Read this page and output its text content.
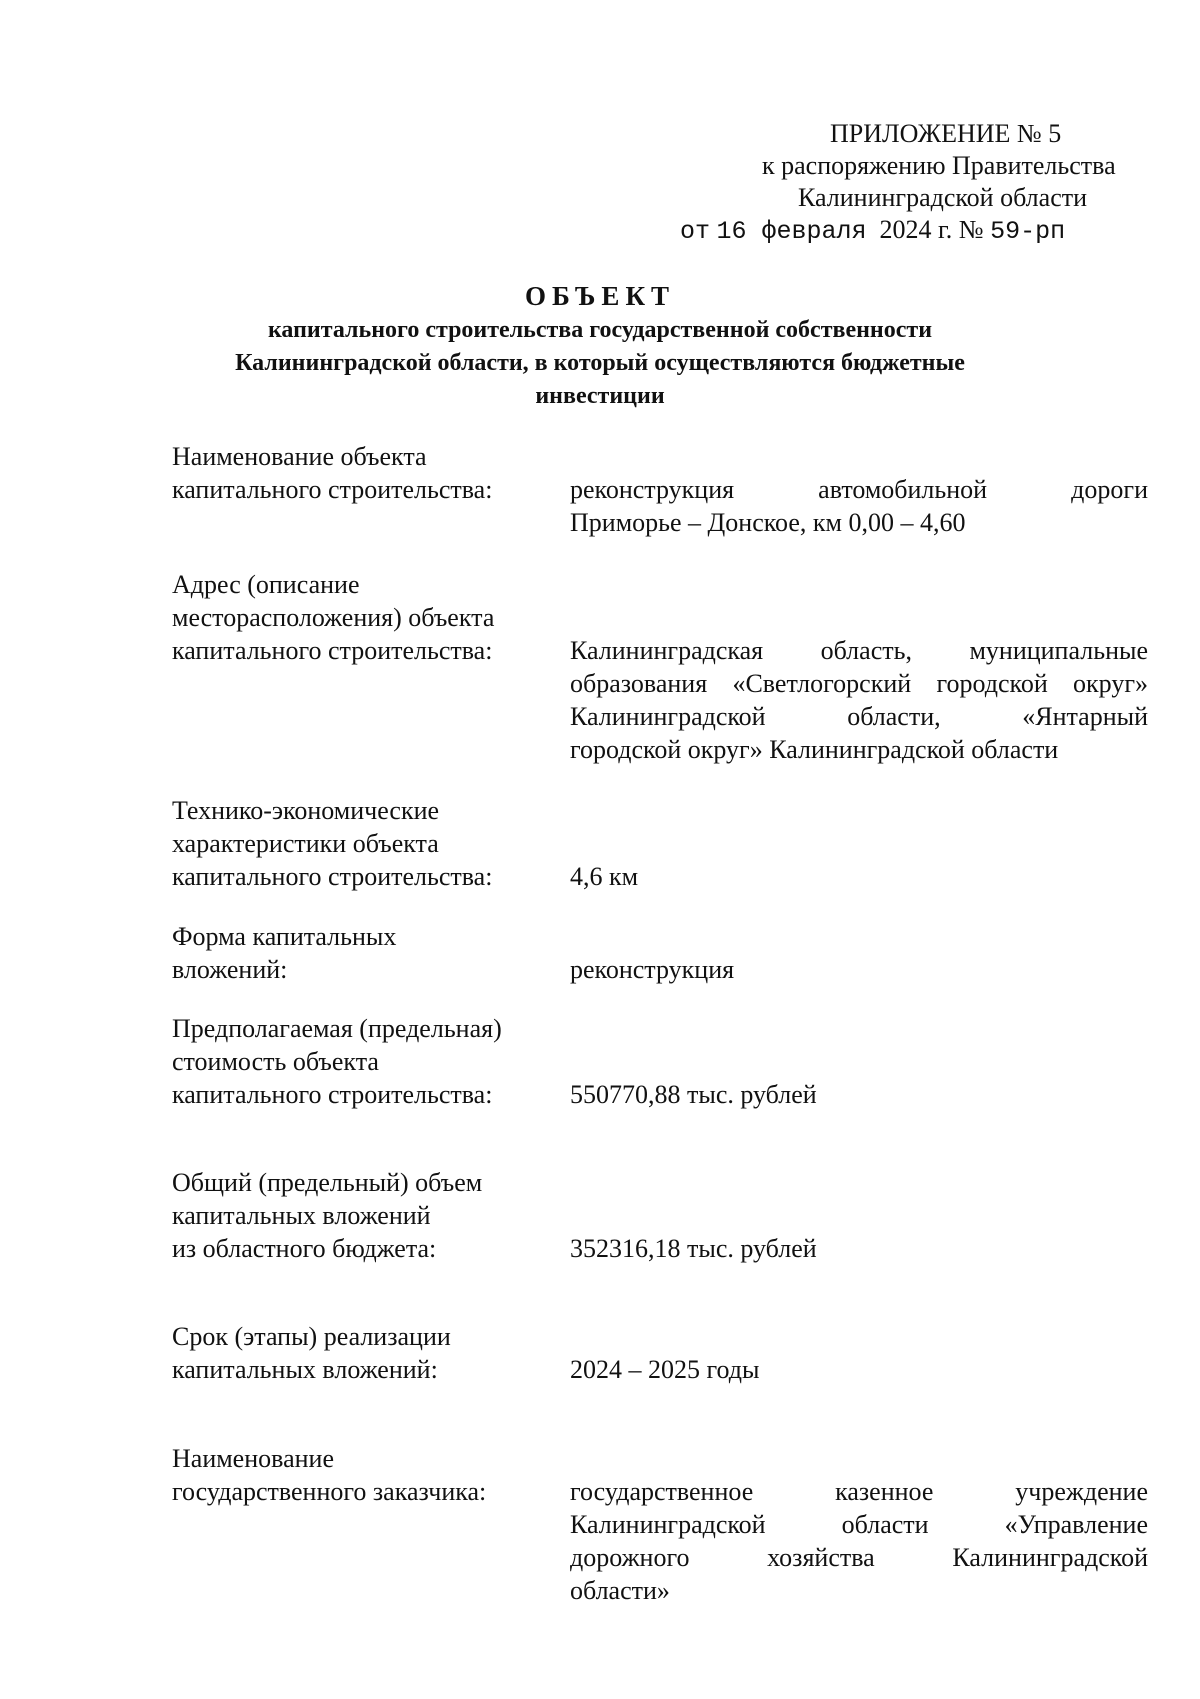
ПРИЛОЖЕНИЕ № 5
к распоряжению Правительства
Калининградской области
от 16 февраля 2024 г. № 59-рп
ОБЪЕКТ
капитального строительства государственной собственности
Калининградской области, в который осуществляются бюджетные
инвестиции
Наименование объекта
капитального строительства:	реконструкция автомобильной дороги
Приморье – Донское, км 0,00 – 4,60
Адрес (описание
месторасположения) объекта
капитального строительства:	Калининградская область, муниципальные
образования «Светлогорский городской округ»
Калининградской области, «Янтарный
городской округ» Калининградской области
Технико-экономические
характеристики объекта
капитального строительства:	4,6 км
Форма капитальных
вложений:	реконструкция
Предполагаемая (предельная)
стоимость объекта
капитального строительства:	550770,88 тыс. рублей
Общий (предельный) объем
капитальных вложений
из областного бюджета:	352316,18 тыс. рублей
Срок (этапы) реализации
капитальных вложений:	2024 – 2025 годы
Наименование
государственного заказчика:	государственное казенное учреждение
Калининградской области «Управление
дорожного хозяйства Калининградской
области»
